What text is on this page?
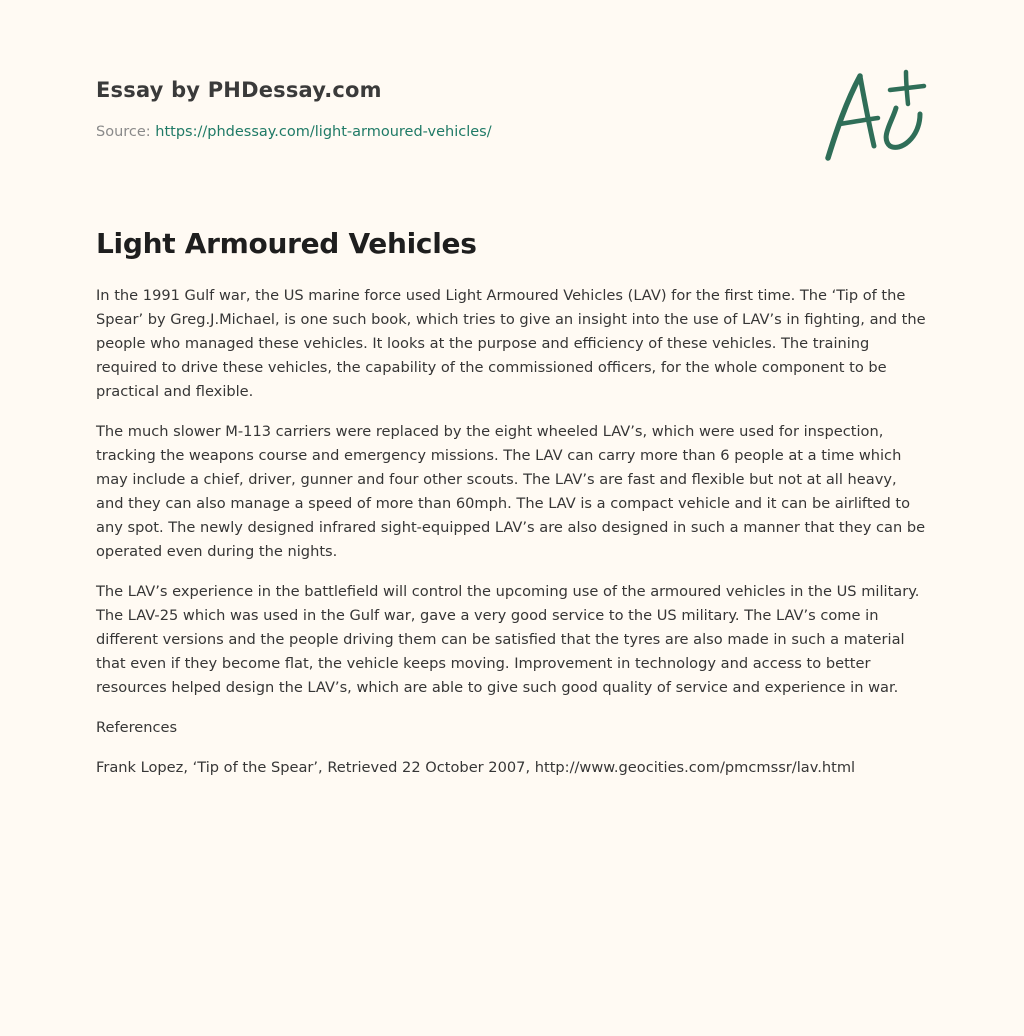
Essay by PHDessay.com
Source: https://phdessay.com/light-armoured-vehicles/
Light Armoured Vehicles

In the 1991 Gulf war, the US marine force used Light Armoured Vehicles (LAV) for the first time. The ‘Tip of the Spear’ by Greg.J.Michael, is one such book, which tries to give an insight into the use of LAV’s in fighting, and the people who managed these vehicles. It looks at the purpose and efficiency of these vehicles. The training required to drive these vehicles, the capability of the commissioned officers, for the whole component to be practical and flexible.

The much slower M-113 carriers were replaced by the eight wheeled LAV’s, which were used for inspection, tracking the weapons course and emergency missions. The LAV can carry more than 6 people at a time which may include a chief, driver, gunner and four other scouts. The LAV’s are fast and flexible but not at all heavy, and they can also manage a speed of more than 60mph. The LAV is a compact vehicle and it can be airlifted to any spot. The newly designed infrared sight-equipped LAV’s are also designed in such a manner that they can be operated even during the nights.

The LAV’s experience in the battlefield will control the upcoming use of the armoured vehicles in the US military. The LAV-25 which was used in the Gulf war, gave a very good service to the US military. The LAV’s come in different versions and the people driving them can be satisfied that the tyres are also made in such a material that even if they become flat, the vehicle keeps moving. Improvement in technology and access to better resources helped design the LAV’s, which are able to give such good quality of service and experience in war.

References

Frank Lopez, ‘Tip of the Spear’, Retrieved 22 October 2007, http://www.geocities.com/pmcmssr/lav.html
